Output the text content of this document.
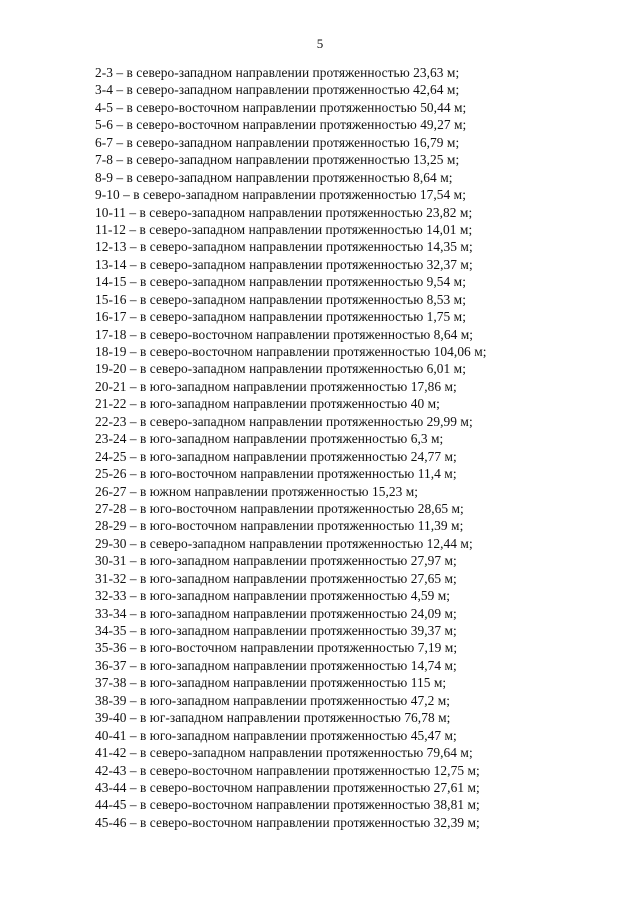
5
2-3 – в северо-западном направлении протяженностью 23,63 м;
3-4 – в северо-западном направлении протяженностью 42,64 м;
4-5 – в северо-восточном направлении протяженностью 50,44 м;
5-6 – в северо-восточном направлении протяженностью 49,27 м;
6-7 – в северо-западном направлении протяженностью 16,79 м;
7-8 – в северо-западном направлении протяженностью 13,25 м;
8-9 – в северо-западном направлении протяженностью 8,64 м;
9-10 – в северо-западном направлении протяженностью 17,54 м;
10-11 – в северо-западном направлении протяженностью 23,82 м;
11-12 – в северо-западном направлении протяженностью 14,01 м;
12-13 – в северо-западном направлении протяженностью 14,35 м;
13-14 – в северо-западном направлении протяженностью 32,37 м;
14-15 – в северо-западном направлении протяженностью 9,54 м;
15-16 – в северо-западном направлении протяженностью 8,53 м;
16-17 – в северо-западном направлении протяженностью 1,75 м;
17-18 – в северо-восточном направлении протяженностью 8,64 м;
18-19 – в северо-восточном направлении протяженностью 104,06 м;
19-20 – в северо-западном направлении протяженностью 6,01 м;
20-21 – в юго-западном направлении протяженностью 17,86 м;
21-22 – в юго-западном направлении протяженностью 40 м;
22-23 – в северо-западном направлении протяженностью 29,99 м;
23-24 – в юго-западном направлении протяженностью 6,3 м;
24-25 – в юго-западном направлении протяженностью 24,77 м;
25-26 – в юго-восточном направлении протяженностью 11,4 м;
26-27 – в южном направлении протяженностью 15,23 м;
27-28 – в юго-восточном направлении протяженностью 28,65 м;
28-29 – в юго-восточном направлении протяженностью 11,39 м;
29-30 – в северо-западном направлении протяженностью 12,44 м;
30-31 – в юго-западном направлении протяженностью 27,97 м;
31-32 – в юго-западном направлении протяженностью 27,65 м;
32-33 – в юго-западном направлении протяженностью 4,59 м;
33-34 – в юго-западном направлении протяженностью 24,09 м;
34-35 – в юго-западном направлении протяженностью 39,37 м;
35-36 – в юго-восточном направлении протяженностью 7,19 м;
36-37 – в юго-западном направлении протяженностью 14,74 м;
37-38 – в юго-западном направлении протяженностью 115 м;
38-39 – в юго-западном направлении протяженностью 47,2 м;
39-40 – в юг-западном направлении протяженностью 76,78 м;
40-41 – в юго-западном направлении протяженностью 45,47 м;
41-42 – в северо-западном направлении протяженностью 79,64 м;
42-43 – в северо-восточном направлении протяженностью 12,75 м;
43-44 – в северо-восточном направлении протяженностью 27,61 м;
44-45 – в северо-восточном направлении протяженностью 38,81 м;
45-46 – в северо-восточном направлении протяженностью 32,39 м;
